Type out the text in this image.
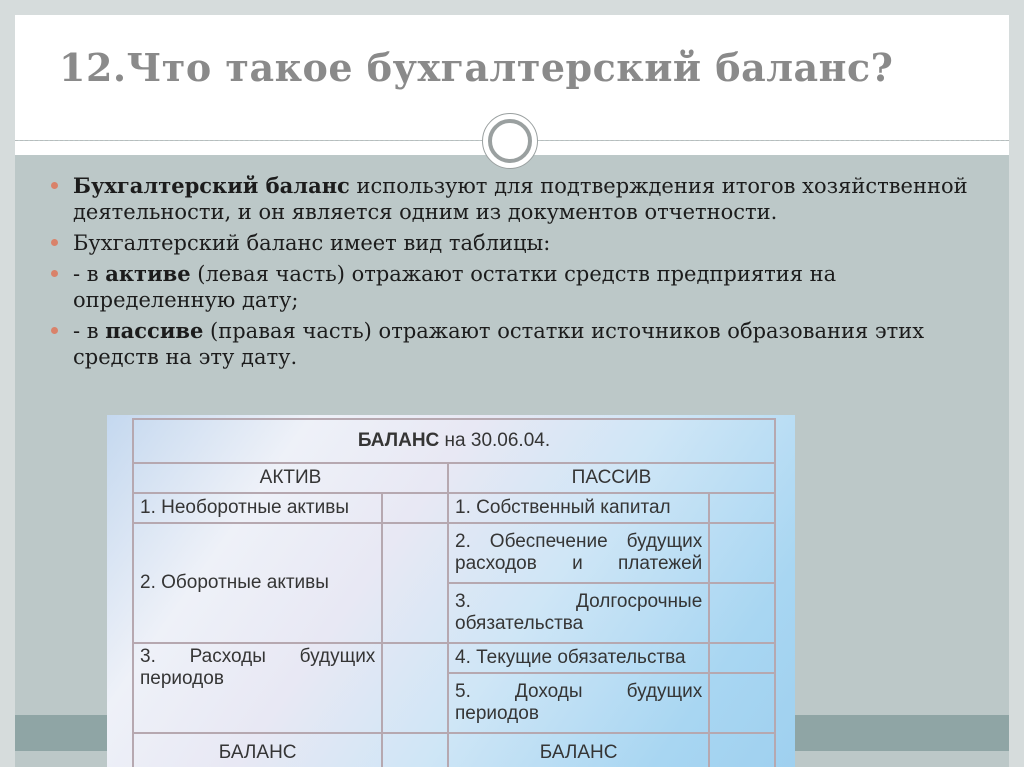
12.Что такое бухгалтерский баланс?
Бухгалтерский баланс используют для подтверждения итогов хозяйственной деятельности, и он является одним из документов отчетности.
Бухгалтерский баланс имеет вид таблицы:
- в активе (левая часть) отражают остатки средств предприятия на определенную дату;
- в пассиве (правая часть) отражают остатки источников образования этих средств на эту дату.
БАЛАНС на 30.06.04.			
АКТИВ		ПАССИВ	
1. Необоротные активы		1. Собственный капитал	
2. Оборотные активы		2. Обеспечение будущих расходов и платежей	
		3. Долгосрочные обязательства	
3. Расходы будущих периодов		4. Текущие обязательства	
		5. Доходы будущих периодов	
БАЛАНС		БАЛАНС	
